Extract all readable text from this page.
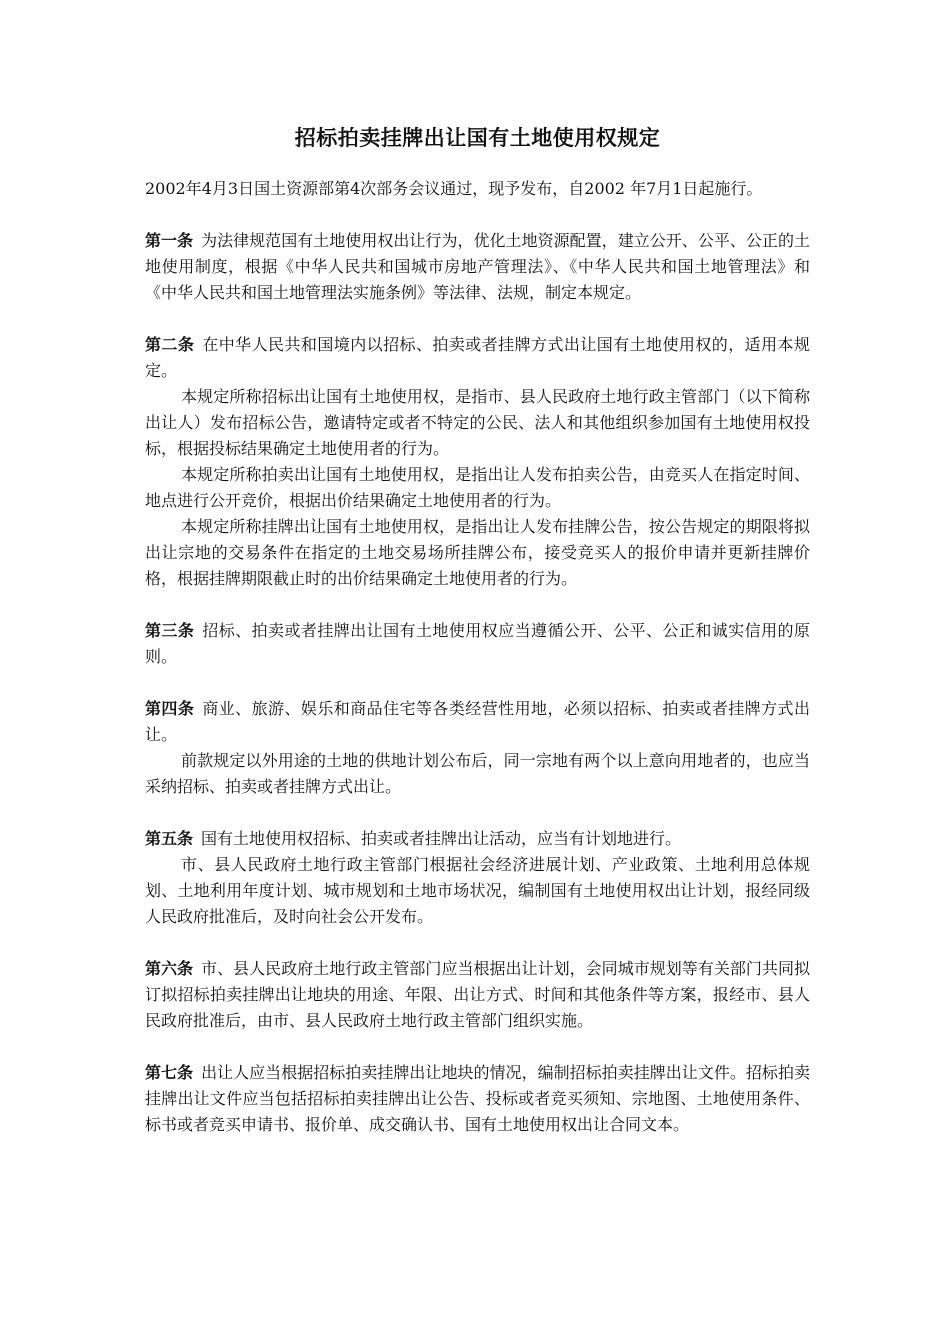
招标拍卖挂牌出让国有土地使用权规定

2002年4月3日国土资源部第4次部务会议通过，现予发布，自2002 年7月1日起施行。

第一条 为法律规范国有土地使用权出让行为，优化土地资源配置，建立公开、公平、公正的土地使用制度，根据《中华人民共和国城市房地产管理法》、《中华人民共和国土地管理法》和《中华人民共和国土地管理法实施条例》等法律、法规，制定本规定。

第二条 在中华人民共和国境内以招标、拍卖或者挂牌方式出让国有土地使用权的，适用本规定。

本规定所称招标出让国有土地使用权，是指市、县人民政府土地行政主管部门（以下简称出让人）发布招标公告，邀请特定或者不特定的公民、法人和其他组织参加国有土地使用权投标，根据投标结果确定土地使用者的行为。

本规定所称拍卖出让国有土地使用权，是指出让人发布拍卖公告，由竞买人在指定时间、地点进行公开竞价，根据出价结果确定土地使用者的行为。

本规定所称挂牌出让国有土地使用权，是指出让人发布挂牌公告，按公告规定的期限将拟出让宗地的交易条件在指定的土地交易场所挂牌公布，接受竞买人的报价申请并更新挂牌价格，根据挂牌期限截止时的出价结果确定土地使用者的行为。

第三条 招标、拍卖或者挂牌出让国有土地使用权应当遵循公开、公平、公正和诚实信用的原则。

第四条 商业、旅游、娱乐和商品住宅等各类经营性用地，必须以招标、拍卖或者挂牌方式出让。

前款规定以外用途的土地的供地计划公布后，同一宗地有两个以上意向用地者的，也应当采纳招标、拍卖或者挂牌方式出让。

第五条 国有土地使用权招标、拍卖或者挂牌出让活动，应当有计划地进行。

市、县人民政府土地行政主管部门根据社会经济进展计划、产业政策、土地利用总体规划、土地利用年度计划、城市规划和土地市场状况，编制国有土地使用权出让计划，报经同级人民政府批准后，及时向社会公开发布。

第六条 市、县人民政府土地行政主管部门应当根据出让计划，会同城市规划等有关部门共同拟订拟招标拍卖挂牌出让地块的用途、年限、出让方式、时间和其他条件等方案，报经市、县人民政府批准后，由市、县人民政府土地行政主管部门组织实施。

第七条 出让人应当根据招标拍卖挂牌出让地块的情况，编制招标拍卖挂牌出让文件。招标拍卖挂牌出让文件应当包括招标拍卖挂牌出让公告、投标或者竞买须知、宗地图、土地使用条件、标书或者竞买申请书、报价单、成交确认书、国有土地使用权出让合同文本。
